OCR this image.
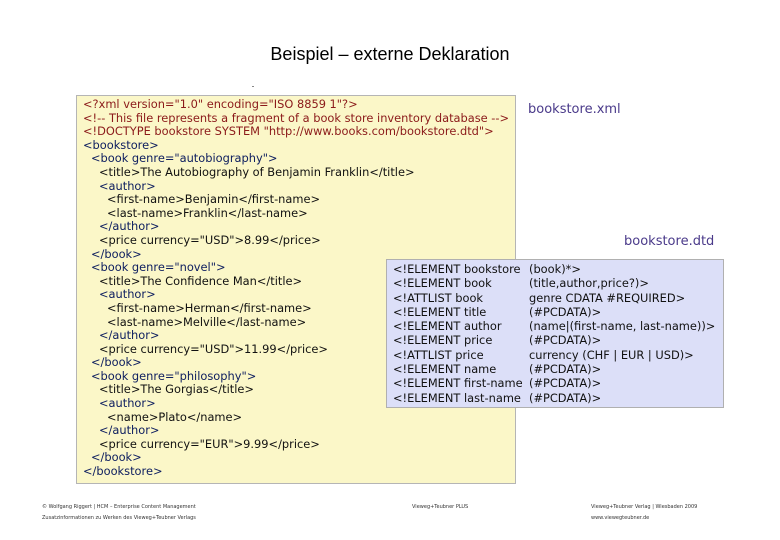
Beispiel – externe Deklaration
<?xml version="1.0" encoding="ISO 8859 1"?>
<!-- This file represents a fragment of a book store inventory database -->
<!DOCTYPE bookstore SYSTEM "http://www.books.com/bookstore.dtd">
<bookstore>
<book genre="autobiography">
<title>The Autobiography of Benjamin Franklin</title>
<author>
<first-name>Benjamin</first-name>
<last-name>Franklin</last-name>
</author>
<price currency="USD">8.99</price>
</book>
<book genre="novel">
<title>The Confidence Man</title>
<author>
<first-name>Herman</first-name>
<last-name>Melville</last-name>
</author>
<price currency="USD">11.99</price>
</book>
<book genre="philosophy">
<title>The Gorgias</title>
<author>
<name>Plato</name>
</author>
<price currency="EUR">9.99</price>
</book>
</bookstore>
bookstore.xml
bookstore.dtd
<!ELEMENT bookstore (book)*>
<!ELEMENT book	(title,author,price?)>
<!ATTLIST book	genre CDATA #REQUIRED>
<!ELEMENT title	(#PCDATA)>
<!ELEMENT author (name|(first-name, last-name))>
<!ELEMENT price	(#PCDATA)>
<!ATTLIST price	currency (CHF | EUR | USD)>
<!ELEMENT name	(#PCDATA)>
<!ELEMENT first-name (#PCDATA)>
<!ELEMENT last-name (#PCDATA)>
© Wolfgang Riggert | HCM – Enterprise Content Management
Zusatzinformationen zu Werken des Vieweg+Teubner Verlags
Vieweg+Teubner PLUS	Vieweg+Teubner Verlag | Wiesbaden 2009
www.viewegteubner.de
